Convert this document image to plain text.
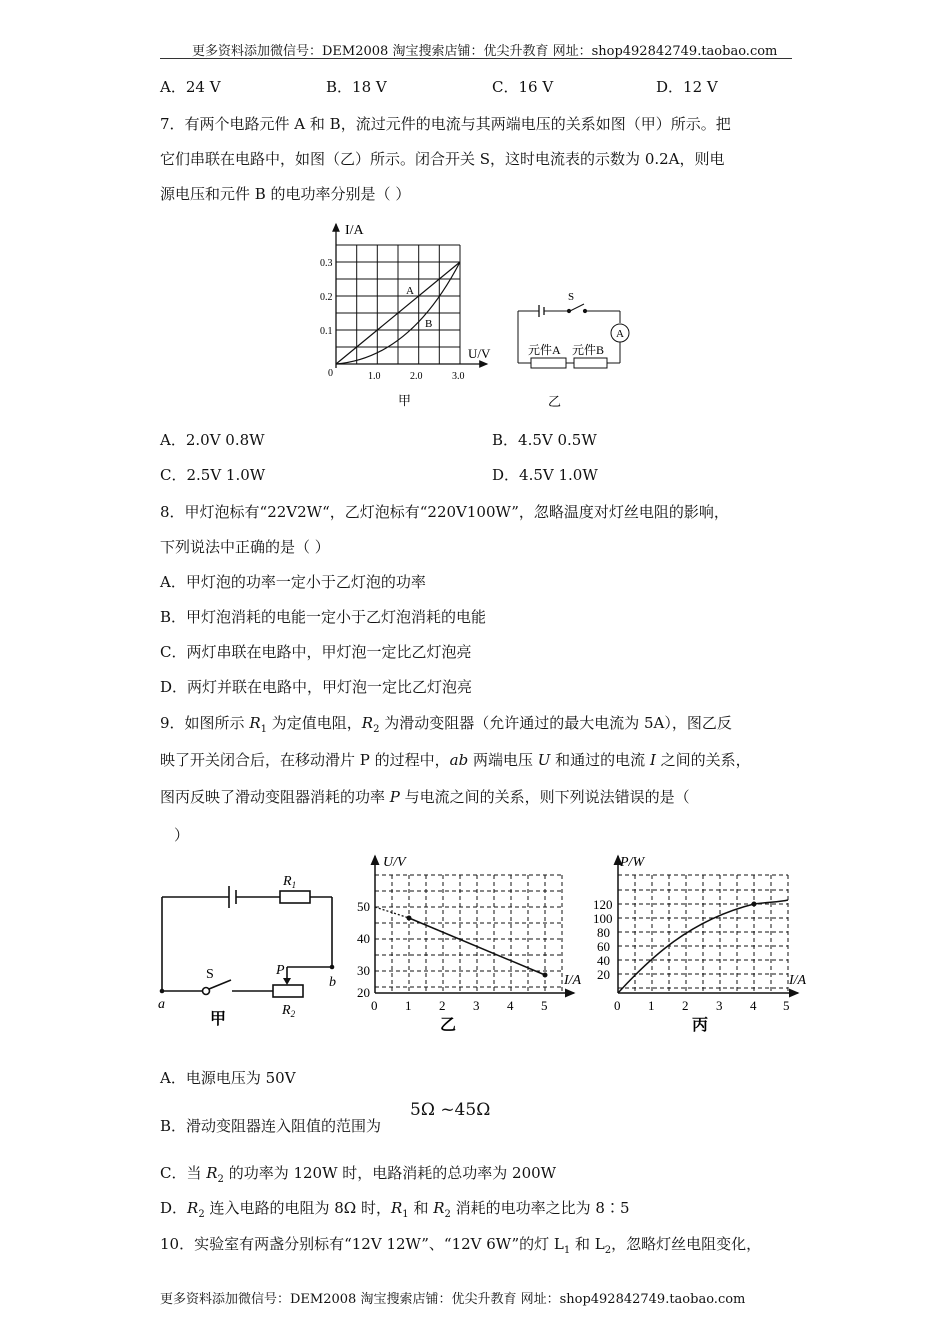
更多资料添加微信号：DEM2008 淘宝搜索店铺：优尖升教育 网址：shop492842749.taobao.com
更多资料添加微信号：DEM2008 淘宝搜索店铺：优尖升教育 网址：shop492842749.taobao.com
A．24 V	B．18 V	C．16 V	D．12 V
7．有两个电路元件 A 和 B，流过元件的电流与其两端电压的关系如图（甲）所示。把
它们串联在电路中，如图（乙）所示。闭合开关 S，这时电流表的示数为 0.2A，则电
源电压和元件 B 的电功率分别是（ ）
I/A
U/V
0.3
0.2
0.1
0	1.0	2.0	3.0
A
B
甲
S
A
元件A 元件B
乙
A．2.0V 0.8W	B．4.5V 0.5W
C．2.5V 1.0W	D．4.5V 1.0W
8．甲灯泡标有“22V2W“，乙灯泡标有“220V100W”，忽略温度对灯丝电阻的影响，
下列说法中正确的是（ ）
A．甲灯泡的功率一定小于乙灯泡的功率
B．甲灯泡消耗的电能一定小于乙灯泡消耗的电能
C．两灯串联在电路中，甲灯泡一定比乙灯泡亮
D．两灯并联在电路中，甲灯泡一定比乙灯泡亮
9．如图所示 $R_1$ 为定值电阻，$R_2$ 为滑动变阻器（允许通过的最大电流为 5A），图乙反
映了开关闭合后，在移动滑片 P 的过程中，ab 两端电压 U 和通过的电流 I 之间的关系，
图丙反映了滑动变阻器消耗的功率 P 与电流之间的关系，则下列说法错误的是（
）
$R_1$
S	P
$R_2$
a
b
甲
U/V
I/A
50
40
30
20
0 1 2 3 4 5
乙
P/W
I/A
120
100
80
60
40
20
0 1 2 3 4 5
丙
A．电源电压为 50V
B．滑动变阻器连入阻值的范围为
5Ω ~45Ω
C．当 $R_2$ 的功率为 120W 时，电路消耗的总功率为 200W
D．$R_2$ 连入电路的电阻为 8Ω 时，$R_1$ 和 $R_2$ 消耗的电功率之比为 8∶5
10．实验室有两盏分别标有“12V 12W”、“12V 6W”的灯 $L_1$ 和 $L_2$，忽略灯丝电阻变化，
